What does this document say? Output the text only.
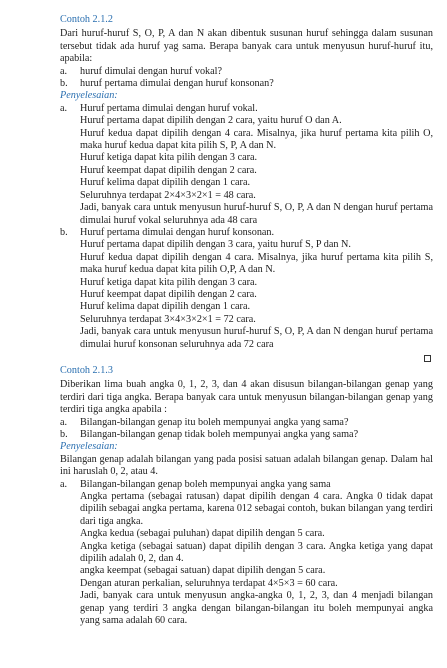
Contoh 2.1.2

Dari huruf-huruf S, O, P, A dan N akan dibentuk susunan huruf sehingga dalam susunan tersebut tidak ada huruf yag sama. Berapa banyak cara untuk menyusun huruf-huruf itu, apabila:

a.	huruf dimulai dengan huruf vokal?
b.	huruf pertama dimulai dengan huruf konsonan?

Penyelesaian:

a.	Huruf pertama dimulai dengan huruf vokal.

Huruf pertama dapat dipilih dengan 2 cara, yaitu huruf O dan A.

Huruf kedua dapat dipilih dengan 4 cara. Misalnya, jika huruf pertama kita pilih O, maka huruf kedua dapat kita pilih S, P, A dan N.

Huruf ketiga dapat kita pilih dengan 3 cara.

Huruf keempat dapat dipilih dengan 2 cara.

Huruf kelima dapat dipilih dengan 1 cara.

Seluruhnya terdapat 2×4×3×2×1 = 48 cara.

Jadi, banyak cara untuk menyusun huruf-huruf S, O, P, A dan N dengan huruf pertama dimulai huruf vokal seluruhnya ada 48 cara

b.	Huruf pertama dimulai dengan huruf konsonan.

Huruf pertama dapat dipilih dengan 3 cara, yaitu huruf S, P dan N.

Huruf kedua dapat dipilih dengan 4 cara. Misalnya, jika huruf pertama kita pilih S, maka huruf kedua dapat kita pilih O,P, A dan N.

Huruf ketiga dapat kita pilih dengan 3 cara.

Huruf keempat dapat dipilih dengan 2 cara.

Huruf kelima dapat dipilih dengan 1 cara.

Seluruhnya terdapat 3×4×3×2×1 = 72 cara.

Jadi, banyak cara untuk menyusun huruf-huruf S, O, P, A dan N dengan huruf pertama dimulai huruf konsonan seluruhnya ada 72 cara

Contoh 2.1.3

Diberikan lima buah angka 0, 1, 2, 3, dan 4 akan disusun bilangan-bilangan genap yang terdiri dari tiga angka. Berapa banyak cara untuk menyusun bilangan-bilangan genap yang terdiri tiga angka apabila :

a.	Bilangan-bilangan genap itu boleh mempunyai angka yang sama?
b.	Bilangan-bilangan genap tidak boleh mempunyai angka yang sama?

Penyelesaian:

Bilangan genap adalah bilangan yang pada posisi satuan adalah bilangan genap. Dalam hal ini haruslah 0, 2, atau 4.

a.	Bilangan-bilangan genap boleh mempunyai angka yang sama

Angka pertama (sebagai ratusan) dapat dipilih dengan 4 cara. Angka 0 tidak dapat dipilih sebagai angka pertama, karena 012 sebagai contoh, bukan bilangan yang terdiri dari tiga angka.

Angka kedua (sebagai puluhan) dapat dipilih dengan 5 cara.

Angka ketiga (sebagai satuan) dapat dipilih dengan 3 cara. Angka ketiga yang dapat dipilih adalah 0, 2, dan 4.

angka keempat (sebagai satuan) dapat dipilih dengan 5 cara.

Dengan aturan perkalian, seluruhnya terdapat 4×5×3 = 60 cara.

Jadi, banyak cara untuk menyusun angka-angka 0, 1, 2, 3, dan 4 menjadi bilangan genap yang terdiri 3 angka dengan bilangan-bilangan itu boleh mempunyai angka yang sama adalah 60 cara.
